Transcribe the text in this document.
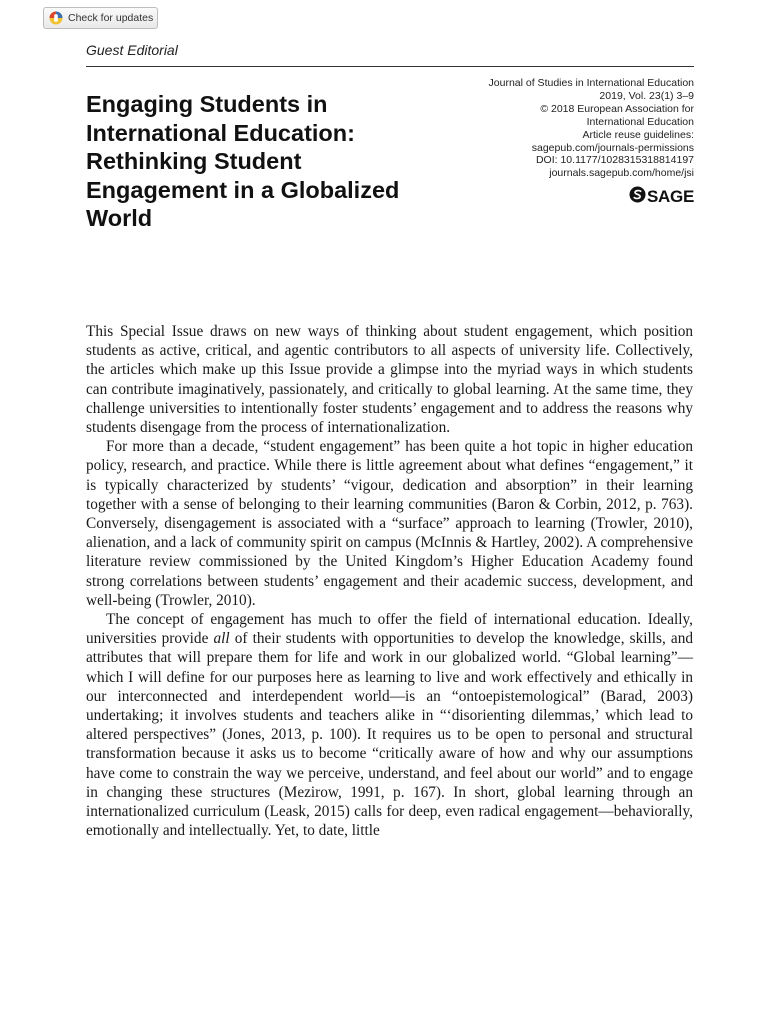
Check for updates
Guest Editorial
Engaging Students in International Education: Rethinking Student Engagement in a Globalized World
Journal of Studies in International Education
2019, Vol. 23(1) 3–9
© 2018 European Association for
International Education
Article reuse guidelines:
sagepub.com/journals-permissions
DOI: 10.1177/1028315318814197
journals.sagepub.com/home/jsi
SAGE

This Special Issue draws on new ways of thinking about student engagement, which position students as active, critical, and agentic contributors to all aspects of university life. Collectively, the articles which make up this Issue provide a glimpse into the myriad ways in which students can contribute imaginatively, passionately, and critically to global learning. At the same time, they challenge universities to intentionally foster students’ engagement and to address the reasons why students disengage from the process of internationalization.

For more than a decade, “student engagement” has been quite a hot topic in higher education policy, research, and practice. While there is little agreement about what defines “engagement,” it is typically characterized by students’ “vigour, dedication and absorption” in their learning together with a sense of belonging to their learning communities (Baron & Corbin, 2012, p. 763). Conversely, disengagement is associated with a “surface” approach to learning (Trowler, 2010), alienation, and a lack of community spirit on campus (McInnis & Hartley, 2002). A comprehensive literature review commissioned by the United Kingdom’s Higher Education Academy found strong correlations between students’ engagement and their academic success, development, and well-being (Trowler, 2010).

The concept of engagement has much to offer the field of international education. Ideally, universities provide all of their students with opportunities to develop the knowledge, skills, and attributes that will prepare them for life and work in our globalized world. “Global learning”—which I will define for our purposes here as learning to live and work effectively and ethically in our interconnected and interdependent world—is an “ontoepistemological” (Barad, 2003) undertaking; it involves students and teachers alike in “‘disorienting dilemmas,’ which lead to altered perspectives” (Jones, 2013, p. 100). It requires us to be open to personal and structural transformation because it asks us to become “critically aware of how and why our assumptions have come to constrain the way we perceive, understand, and feel about our world” and to engage in changing these structures (Mezirow, 1991, p. 167). In short, global learning through an internationalized curriculum (Leask, 2015) calls for deep, even radical engagement—behaviorally, emotionally and intellectually. Yet, to date, little
